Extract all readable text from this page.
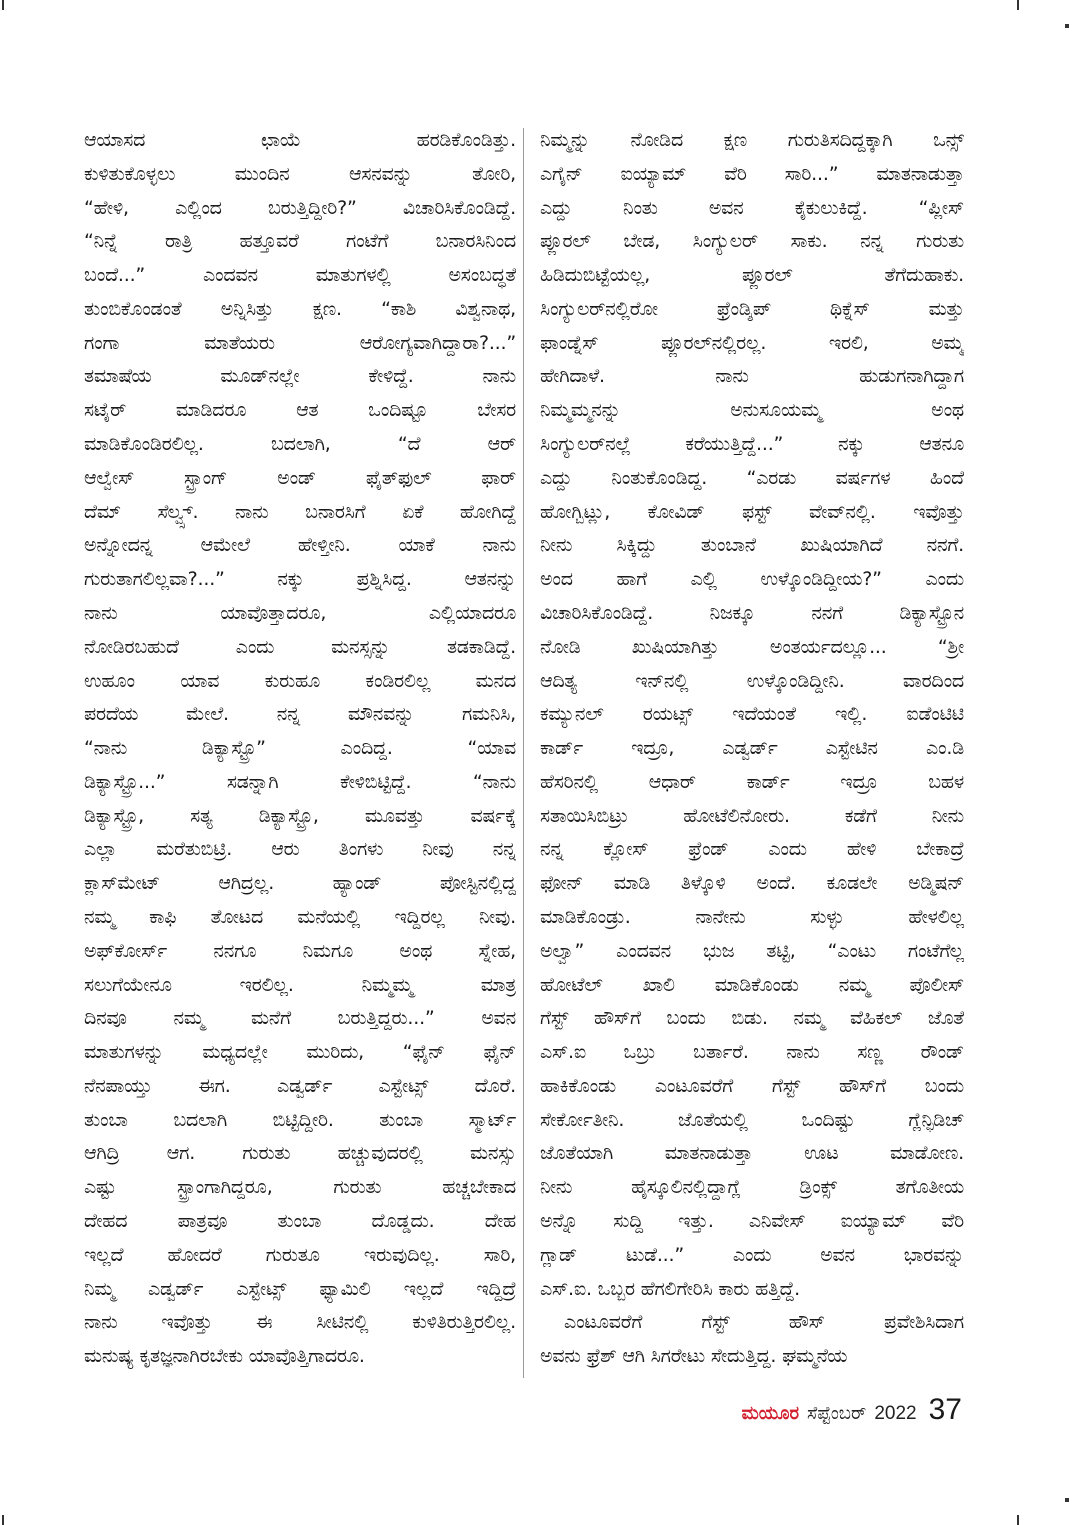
ಆಯಾಸದ ಛಾಯೆ ಹರಡಿಕೊಂಡಿತ್ತು.
ಕುಳಿತುಕೊಳ್ಳಲು ಮುಂದಿನ ಆಸನವನ್ನು ತೋರಿ,
“ಹೇಳಿ, ಎಲ್ಲಿಂದ ಬರುತ್ತಿದ್ದೀರಿ?” ವಿಚಾರಿಸಿಕೊಂಡಿದ್ದೆ.
“ನಿನ್ನೆ ರಾತ್ರಿ ಹತ್ತೂವರೆ ಗಂಟೆಗೆ ಬನಾರಸಿನಿಂದ
ಬಂದೆ...” ಎಂದವನ ಮಾತುಗಳಲ್ಲಿ ಅಸಂಬದ್ಧತೆ
ತುಂಬಿಕೊಂಡಂತೆ ಅನ್ನಿಸಿತ್ತು ಕ್ಷಣ. “ಕಾಶಿ ವಿಶ್ವನಾಥ,
ಗಂಗಾ ಮಾತೆಯರು ಆರೋಗ್ಯವಾಗಿದ್ದಾರಾ?...”
ತಮಾಷೆಯ ಮೂಡ್‌ನಲ್ಲೇ ಕೇಳಿದ್ದೆ. ನಾನು
ಸಟೈರ್ ಮಾಡಿದರೂ ಆತ ಒಂದಿಷ್ಟೂ ಬೇಸರ
ಮಾಡಿಕೊಂಡಿರಲಿಲ್ಲ. ಬದಲಾಗಿ, “ದೆ ಆರ್
ಆಲ್ವೇಸ್ ಸ್ಟ್ರಾಂಗ್ ಅಂಡ್ ಫೈತ್‌ಫುಲ್ ಫಾರ್
ದೆಮ್ ಸೆಲ್ವ್ಸ್. ನಾನು ಬನಾರಸಿಗೆ ಏಕೆ ಹೋಗಿದ್ದೆ
ಅನ್ನೋದನ್ನ ಆಮೇಲೆ ಹೇಳ್ತೀನಿ. ಯಾಕೆ ನಾನು
ಗುರುತಾಗಲಿಲ್ಲವಾ?...” ನಕ್ಕು ಪ್ರಶ್ನಿಸಿದ್ದ. ಆತನನ್ನು
ನಾನು ಯಾವೊತ್ತಾದರೂ, ಎಲ್ಲಿಯಾದರೂ
ನೋಡಿರಬಹುದೆ ಎಂದು ಮನಸ್ಸನ್ನು ತಡಕಾಡಿದ್ದೆ.
ಉಹೂಂ ಯಾವ ಕುರುಹೂ ಕಂಡಿರಲಿಲ್ಲ ಮನದ
ಪರದೆಯ ಮೇಲೆ. ನನ್ನ ಮೌನವನ್ನು ಗಮನಿಸಿ,
“ನಾನು ಡಿಕ್ಯಾಸ್ಟ್ರೊ” ಎಂದಿದ್ದ. “ಯಾವ
ಡಿಕ್ಯಾಸ್ಟ್ರೊ...” ಸಡನ್ನಾಗಿ ಕೇಳಿಬಿಟ್ಟಿದ್ದೆ. “ನಾನು
ಡಿಕ್ಯಾಸ್ಟ್ರೊ, ಸತ್ಯ ಡಿಕ್ಯಾಸ್ಟ್ರೊ, ಮೂವತ್ತು ವರ್ಷಕ್ಕೆ
ಎಲ್ಲಾ ಮರೆತುಬಿಟ್ರಿ. ಆರು ತಿಂಗಳು ನೀವು ನನ್ನ
ಕ್ಲಾಸ್‌ಮೇಟ್ ಆಗಿದ್ರಲ್ಲ. ಹ್ಯಾಂಡ್ ಪೋಸ್ಟಿನಲ್ಲಿದ್ದ
ನಮ್ಮ ಕಾಫಿ ತೋಟದ ಮನೆಯಲ್ಲಿ ಇದ್ದಿರಲ್ಲ ನೀವು.
ಅಫ್‌ಕೋರ್ಸ್ ನನಗೂ ನಿಮಗೂ ಅಂಥ ಸ್ನೇಹ,
ಸಲುಗೆಯೇನೂ ಇರಲಿಲ್ಲ. ನಿಮ್ಮಮ್ಮ ಮಾತ್ರ
ದಿನವೂ ನಮ್ಮ ಮನೆಗೆ ಬರುತ್ತಿದ್ದರು...” ಅವನ
ಮಾತುಗಳನ್ನು ಮಧ್ಯದಲ್ಲೇ ಮುರಿದು, “ಫೈನ್ ಫೈನ್
ನೆನಪಾಯ್ತು ಈಗ. ಎಡ್ವರ್ಡ್ ಎಸ್ಟೇಟ್ಸ್ ದೊರೆ.
ತುಂಬಾ ಬದಲಾಗಿ ಬಿಟ್ಟಿದ್ದೀರಿ. ತುಂಬಾ ಸ್ಮಾರ್ಟ್
ಆಗಿದ್ರಿ ಆಗ. ಗುರುತು ಹಚ್ಚುವುದರಲ್ಲಿ ಮನಸ್ಸು
ಎಷ್ಟು ಸ್ಟ್ರಾಂಗಾಗಿದ್ದರೂ, ಗುರುತು ಹಚ್ಚಬೇಕಾದ
ದೇಹದ ಪಾತ್ರವೂ ತುಂಬಾ ದೊಡ್ಡದು. ದೇಹ
ಇಲ್ಲದೆ ಹೋದರೆ ಗುರುತೂ ಇರುವುದಿಲ್ಲ. ಸಾರಿ,
ನಿಮ್ಮ ಎಡ್ವರ್ಡ್ ಎಸ್ಟೇಟ್ಸ್ ಫ್ಯಾಮಿಲಿ ಇಲ್ಲದೆ ಇದ್ದಿದ್ರೆ
ನಾನು ಇವೊತ್ತು ಈ ಸೀಟಿನಲ್ಲಿ ಕುಳಿತಿರುತ್ತಿರಲಿಲ್ಲ.
ಮನುಷ್ಯ ಕೃತಜ್ಞನಾಗಿರಬೇಕು ಯಾವೊತ್ತಿಗಾದರೂ.
ನಿಮ್ಮನ್ನು ನೋಡಿದ ಕ್ಷಣ ಗುರುತಿಸದಿದ್ದಕ್ಕಾಗಿ ಒನ್ಸ್
ಎಗೈನ್ ಐಯ್ಯಾಮ್ ವೆರಿ ಸಾರಿ...” ಮಾತನಾಡುತ್ತಾ
ಎದ್ದು ನಿಂತು ಅವನ ಕೈಕುಲುಕಿದ್ದೆ. “ಪ್ಲೀಸ್
ಪ್ಲೂರಲ್ ಬೇಡ, ಸಿಂಗ್ಯುಲರ್ ಸಾಕು. ನನ್ನ ಗುರುತು
ಹಿಡಿದುಬಿಟ್ಟೆಯಲ್ಲ, ಪ್ಲೂರಲ್ ತೆಗೆದುಹಾಕು.
ಸಿಂಗ್ಯುಲರ್‌ನಲ್ಲಿರೋ ಫ್ರೆಂಡ್ಶಿಪ್ ಥಿಕ್ನೆಸ್ ಮತ್ತು
ಫಾಂಡ್ನೆಸ್ ಪ್ಲೂರಲ್‌ನಲ್ಲಿರಲ್ಲ. ಇರಲಿ, ಅಮ್ಮ
ಹೇಗಿದಾಳೆ. ನಾನು ಹುಡುಗನಾಗಿದ್ದಾಗ
ನಿಮ್ಮಮ್ಮನನ್ನು ಅನುಸೂಯಮ್ಮ ಅಂಥ
ಸಿಂಗ್ಯುಲರ್‌ನಲ್ಲೆ ಕರೆಯುತ್ತಿದ್ದೆ...” ನಕ್ಕು ಆತನೂ
ಎದ್ದು ನಿಂತುಕೊಂಡಿದ್ದ. “ಎರಡು ವರ್ಷಗಳ ಹಿಂದೆ
ಹೋಗ್ಬಿಟ್ಲು, ಕೋವಿಡ್ ಫಸ್ಟ್ ವೇವ್‌ನಲ್ಲಿ. ಇವೊತ್ತು
ನೀನು ಸಿಕ್ಕಿದ್ದು ತುಂಬಾನೆ ಖುಷಿಯಾಗಿದೆ ನನಗೆ.
ಅಂದ ಹಾಗೆ ಎಲ್ಲಿ ಉಳ್ಕೊಂಡಿದ್ದೀಯ?” ಎಂದು
ವಿಚಾರಿಸಿಕೊಂಡಿದ್ದೆ. ನಿಜಕ್ಕೂ ನನಗೆ ಡಿಕ್ಯಾಸ್ಟ್ರೊನ
ನೋಡಿ ಖುಷಿಯಾಗಿತ್ತು ಅಂತರ್ಯದಲ್ಲೂ... “ಶ್ರೀ
ಆದಿತ್ಯ ಇನ್‌ನಲ್ಲಿ ಉಳ್ಕೊಂಡಿದ್ದೀನಿ. ವಾರದಿಂದ
ಕಮ್ಯುನಲ್ ರಯಟ್ಸ್ ಇದೆಯಂತೆ ಇಲ್ಲಿ. ಐಡೆಂಟಿಟಿ
ಕಾರ್ಡ್ ಇದ್ರೂ, ಎಡ್ವರ್ಡ್ ಎಸ್ಟೇಟಿನ ಎಂ.ಡಿ
ಹೆಸರಿನಲ್ಲಿ ಆಧಾರ್ ಕಾರ್ಡ್ ಇದ್ರೂ ಬಹಳ
ಸತಾಯಿಸಿಬಿಟ್ರು ಹೋಟೆಲಿನೋರು. ಕಡೆಗೆ ನೀನು
ನನ್ನ ಕ್ಲೋಸ್ ಫ್ರೆಂಡ್ ಎಂದು ಹೇಳಿ ಬೇಕಾದ್ರೆ
ಫೋನ್ ಮಾಡಿ ತಿಳ್ಕೊಳಿ ಅಂದೆ. ಕೂಡಲೇ ಅಡ್ಮಿಷನ್
ಮಾಡಿಕೊಂಡ್ರು. ನಾನೇನು ಸುಳ್ಳು ಹೇಳಲಿಲ್ಲ
ಅಲ್ವಾ” ಎಂದವನ ಭುಜ ತಟ್ಟಿ, “ಎಂಟು ಗಂಟೆಗೆಲ್ಲ
ಹೋಟೆಲ್ ಖಾಲಿ ಮಾಡಿಕೊಂಡು ನಮ್ಮ ಪೊಲೀಸ್
ಗೆಸ್ಟ್ ಹೌಸ್‌ಗೆ ಬಂದು ಬಿಡು. ನಮ್ಮ ವೆಹಿಕಲ್ ಜೊತೆ
ಎಸ್.ಐ ಒಬ್ರು ಬರ್ತಾರೆ. ನಾನು ಸಣ್ಣ ರೌಂಡ್
ಹಾಕಿಕೊಂಡು ಎಂಟೂವರೆಗೆ ಗೆಸ್ಟ್ ಹೌಸ್‌ಗೆ ಬಂದು
ಸೇರ್ಕೋತೀನಿ. ಜೊತೆಯಲ್ಲಿ ಒಂದಿಷ್ಟು ಗ್ಲೆನ್ಫಿಡಿಚ್
ಜೊತೆಯಾಗಿ ಮಾತನಾಡುತ್ತಾ ಊಟ ಮಾಡೋಣ.
ನೀನು ಹೈಸ್ಕೂಲಿನಲ್ಲಿದ್ದಾಗ್ಲೆ ಡ್ರಿಂಕ್ಸ್ ತಗೊತೀಯ
ಅನ್ನೊ ಸುದ್ದಿ ಇತ್ತು. ಎನಿವೇಸ್ ಐಯ್ಯಾಮ್ ವೆರಿ
ಗ್ಲಾಡ್ ಟುಡೆ...” ಎಂದು ಅವನ ಭಾರವನ್ನು
ಎಸ್.ಐ. ಒಬ್ಬರ ಹೆಗಲಿಗೇರಿಸಿ ಕಾರು ಹತ್ತಿದ್ದೆ.
ಎಂಟೂವರೆಗೆ ಗೆಸ್ಟ್ ಹೌಸ್ ಪ್ರವೇಶಿಸಿದಾಗ
ಅವನು ಫ್ರೆಶ್ ಆಗಿ ಸಿಗರೇಟು ಸೇದುತ್ತಿದ್ದ. ಘಮ್ಮನೆಯ
ಮಯೂರ ಸೆಪ್ಟೆಂಬರ್ 2022 37
